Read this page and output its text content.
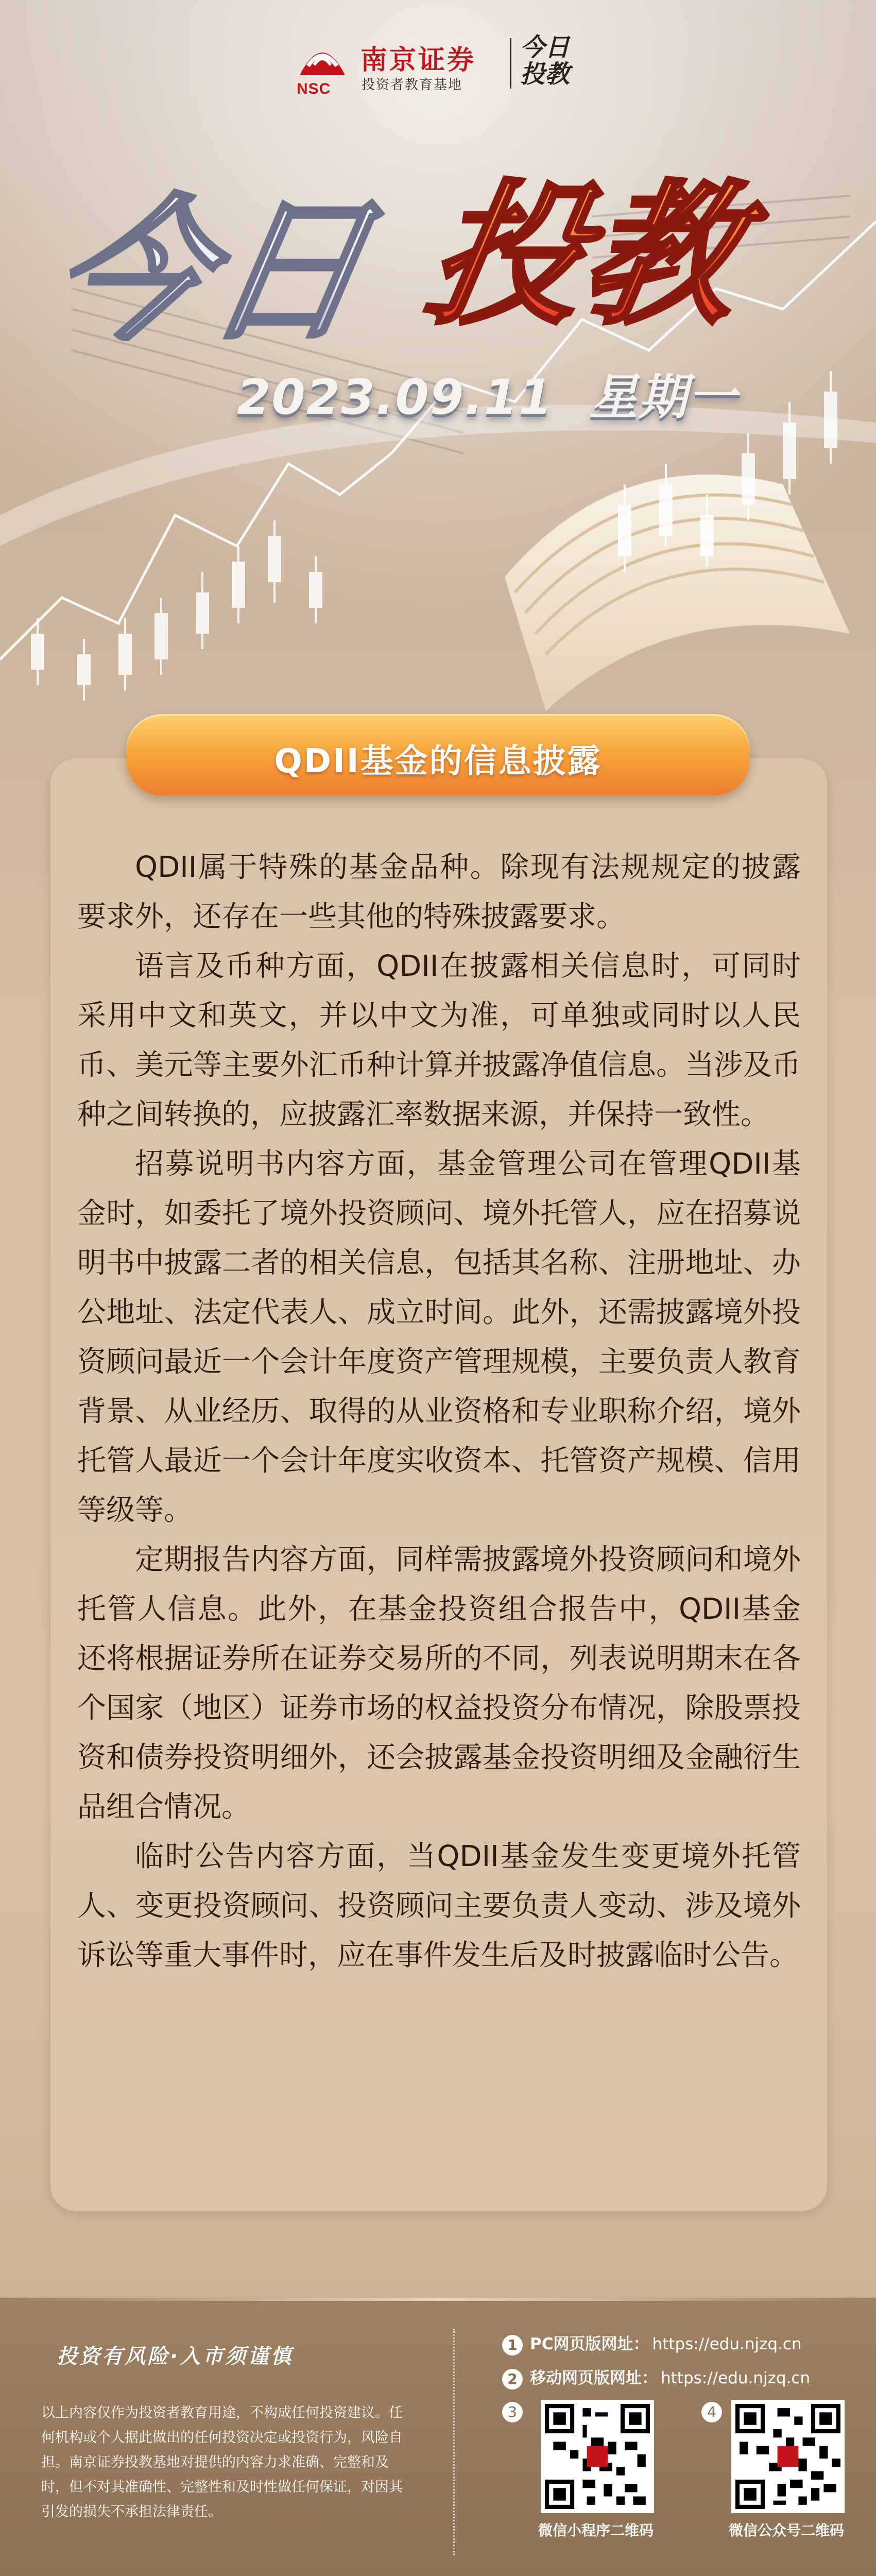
NSC
南京证券
投资者教育基地
今日
投教
今日 投教
2023.09.11 星期一
QDII基金的信息披露

QDII属于特殊的基金品种。除现有法规规定的披露要求外，还存在一些其他的特殊披露要求。

语言及币种方面，QDII在披露相关信息时，可同时采用中文和英文，并以中文为准，可单独或同时以人民币、美元等主要外汇币种计算并披露净值信息。当涉及币种之间转换的，应披露汇率数据来源，并保持一致性。

招募说明书内容方面，基金管理公司在管理QDII基金时，如委托了境外投资顾问、境外托管人，应在招募说明书中披露二者的相关信息，包括其名称、注册地址、办公地址、法定代表人、成立时间。此外，还需披露境外投资顾问最近一个会计年度资产管理规模，主要负责人教育背景、从业经历、取得的从业资格和专业职称介绍，境外托管人最近一个会计年度实收资本、托管资产规模、信用等级等。

定期报告内容方面，同样需披露境外投资顾问和境外托管人信息。此外，在基金投资组合报告中，QDII基金还将根据证券所在证券交易所的不同，列表说明期末在各个国家（地区）证券市场的权益投资分布情况，除股票投资和债券投资明细外，还会披露基金投资明细及金融衍生品组合情况。

临时公告内容方面，当QDII基金发生变更境外托管人、变更投资顾问、投资顾问主要负责人变动、涉及境外诉讼等重大事件时，应在事件发生后及时披露临时公告。

投资有风险·入市须谨慎
以上内容仅作为投资者教育用途，不构成任何投资建议。任何机构或个人据此做出的任何投资决定或投资行为，风险自担。南京证券投教基地对提供的内容力求准确、完整和及时，但不对其准确性、完整性和及时性做任何保证，对因其引发的损失不承担法律责任。
1 PC网页版网址： https://edu.njzq.cn
2 移动网页版网址： https://edu.njzq.cn
3
微信小程序二维码
4
微信公众号二维码
